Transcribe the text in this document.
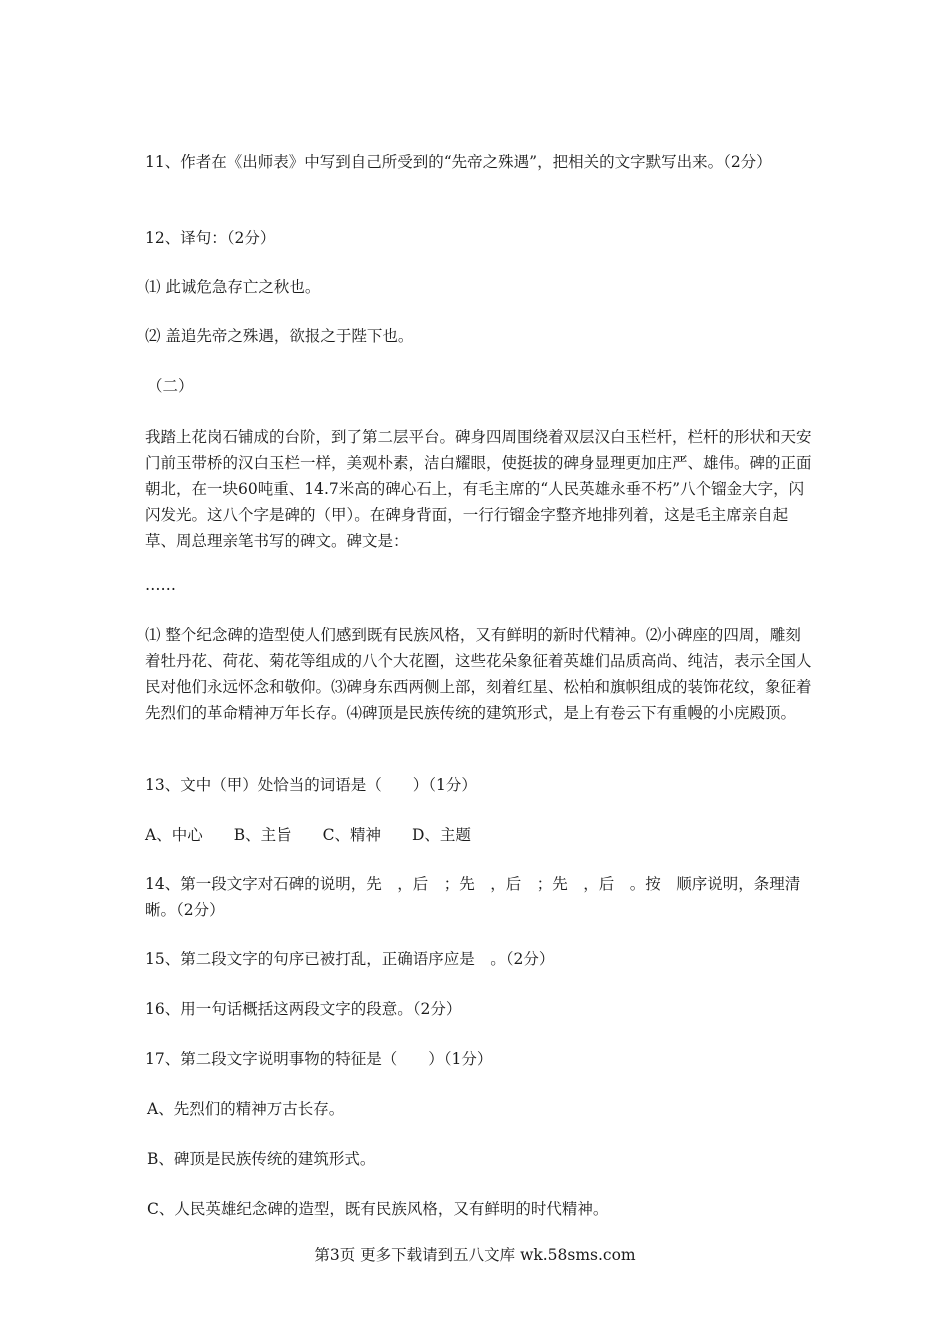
11、作者在《出师表》中写到自己所受到的“先帝之殊遇”，把相关的文字默写出来。（2分）

12、译句：（2分）

⑴ 此诚危急存亡之秋也。

⑵ 盖追先帝之殊遇，欲报之于陛下也。

（二）

我踏上花岗石铺成的台阶，到了第二层平台。碑身四周围绕着双层汉白玉栏杆，栏杆的形状和天安门前玉带桥的汉白玉栏一样，美观朴素，洁白耀眼，使挺拔的碑身显理更加庄严、雄伟。碑的正面朝北，在一块60吨重、14.7米高的碑心石上，有毛主席的“人民英雄永垂不朽”八个镏金大字，闪闪发光。这八个字是碑的（甲）。在碑身背面，一行行镏金字整齐地排列着，这是毛主席亲自起草、周总理亲笔书写的碑文。碑文是：

……

⑴ 整个纪念碑的造型使人们感到既有民族风格，又有鲜明的新时代精神。⑵小碑座的四周，雕刻着牡丹花、荷花、菊花等组成的八个大花圈，这些花朵象征着英雄们品质高尚、纯洁，表示全国人民对他们永远怀念和敬仰。⑶碑身东西两侧上部，刻着红星、松柏和旗帜组成的装饰花纹，象征着先烈们的革命精神万年长存。⑷碑顶是民族传统的建筑形式，是上有卷云下有重幔的小庑殿顶。

13、文中（甲）处恰当的词语是（　　）（1分）

A、中心　　B、主旨　　C、精神　　D、主题

14、第一段文字对石碑的说明，先　，后　；先　，后　；先　，后　。按　顺序说明，条理清晰。（2分）

15、第二段文字的句序已被打乱，正确语序应是　。（2分）

16、用一句话概括这两段文字的段意。（2分）

17、第二段文字说明事物的特征是（　　）（1分）

A、先烈们的精神万古长存。

B、碑顶是民族传统的建筑形式。

C、人民英雄纪念碑的造型，既有民族风格，又有鲜明的时代精神。

第3页 更多下载请到五八文库 wk.58sms.com
